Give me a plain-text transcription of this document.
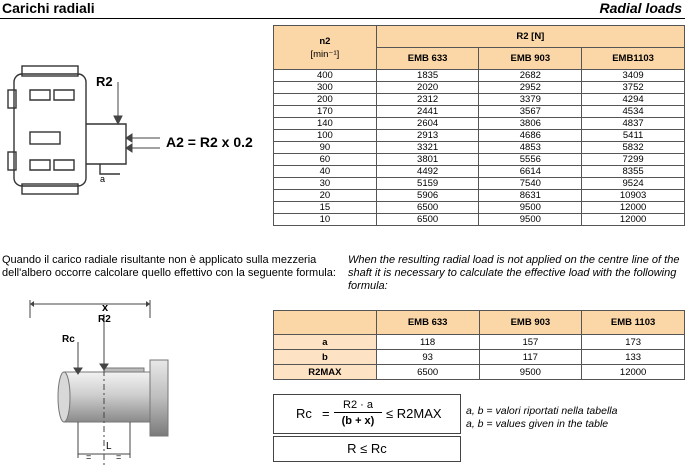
Carichi radiali	Radial loads
R2
A2 = R2 x 0.2
a
n2
[min⁻¹]	R2 [N]		
	EMB 633	EMB 903	EMB1103
400	1835	2682	3409
300	2020	2952	3752
200	2312	3379	4294
170	2441	3567	4534
140	2604	3806	4837
100	2913	4686	5411
90	3321	4853	5832
60	3801	5556	7299
40	4492	6614	8355
30	5159	7540	9524
20	5906	8631	10903
15	6500	9500	12000
10	6500	9500	12000
Quando il carico radiale risultante non è applicato sulla mezzeria dell'albero occorre calcolare quello effettivo con la seguente formula:
When the resulting radial load is not applied on the centre line of the shaft it is necessary to calculate the effective load with the following formula:
x
Rc
R2
L
=	=
	EMB 633	EMB 903	EMB 1103
a	118	157	173
b	93	117	133
R2MAX	6500	9500	12000
Rc =
R2 · a
(b + x) ≤ R2MAX
R ≤ Rc
a, b = valori riportati nella tabella
a, b = values given in the table
